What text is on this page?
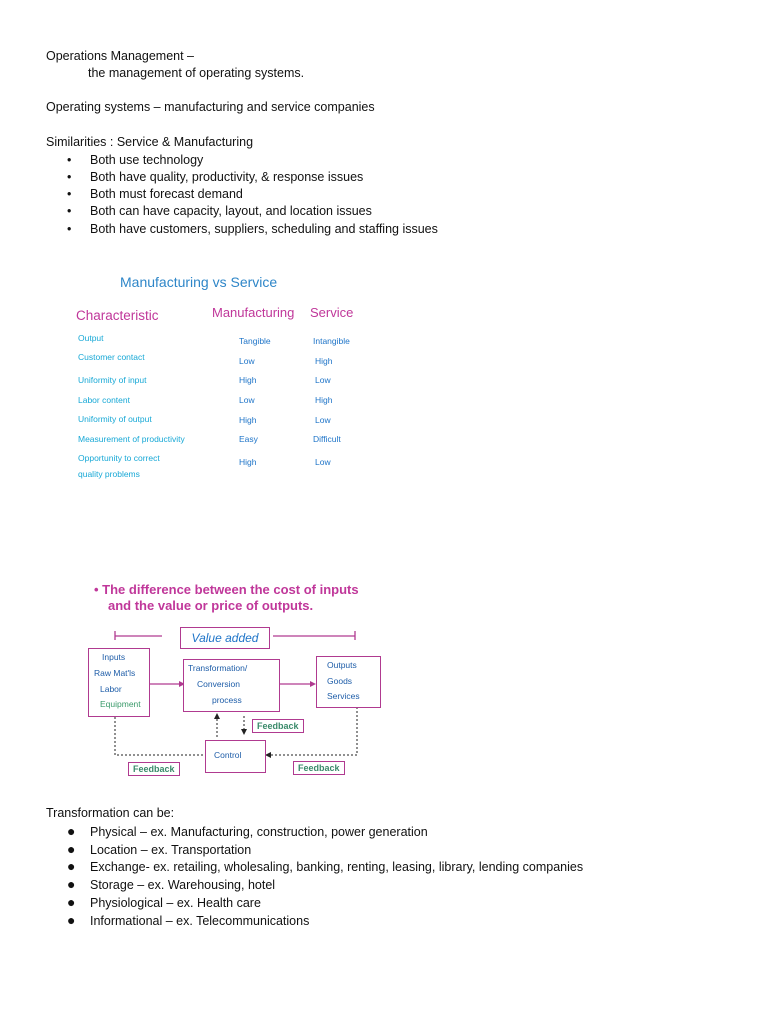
Operations Management –
the management of operating systems.
Operating systems – manufacturing and service companies
Similarities : Service & Manufacturing
• Both use technology
• Both have quality, productivity, & response issues
• Both must forecast demand
• Both can have capacity, layout, and location issues
• Both have customers, suppliers, scheduling and staffing issues
Manufacturing vs Service
Characteristic	Manufacturing Service
Output	Tangible	Intangible
Customer contact	Low	High
Uniformity of input	High	Low
Labor content	Low	High
Uniformity of output	High	Low
Measurement of productivity	Easy	Difficult
Opportunity to correct
quality problems
High	Low
• The difference between the cost of inputs
and the value or price of outputs.
Value added
Inputs
Raw Mat'ls
Labor
Equipment
Transformation/
Conversion
process
Outputs
Goods
Services
Control
Feedback
Feedback	Feedback
Transformation can be:
● Physical – ex. Manufacturing, construction, power generation
● Location – ex. Transportation
● Exchange- ex. retailing, wholesaling, banking, renting, leasing, library, lending companies
● Storage – ex. Warehousing, hotel
● Physiological – ex. Health care
● Informational – ex. Telecommunications
